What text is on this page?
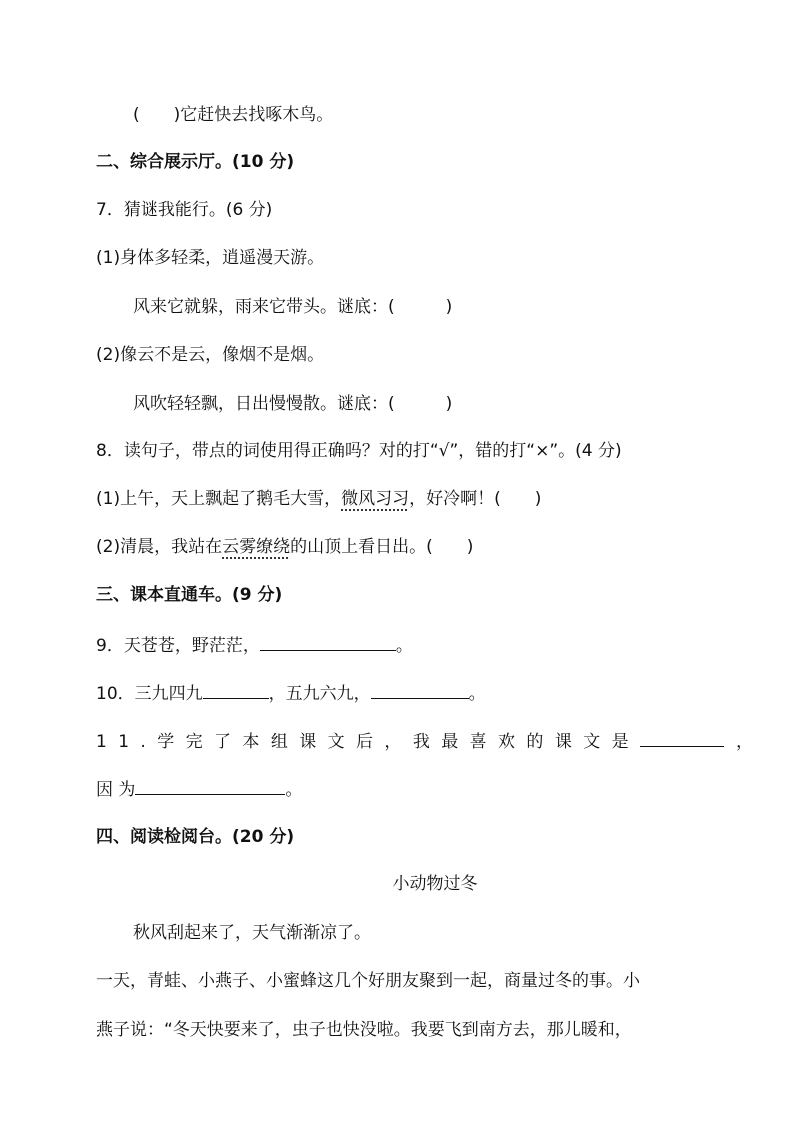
(　　)它赶快去找啄木鸟。
二、综合展示厅。(10 分)
7．猜谜我能行。(6 分)
(1)身体多轻柔，逍遥漫天游。
风来它就躲，雨来它带头。谜底：(　　　)
(2)像云不是云，像烟不是烟。
风吹轻轻飘，日出慢慢散。谜底：(　　　)
8．读句子，带点的词使用得正确吗？对的打“√”，错的打“×”。(4 分)
(1)上午，天上飘起了鹅毛大雪，微风习习，好冷啊！(　　)
(2)清晨，我站在云雾缭绕的山顶上看日出。(　　)
三、课本直通车。(9 分)
9．天苍苍，野茫茫，	。
10．三九四九	，五九六九，	。
11.学完了本组课文后，我最喜欢的课文是	，
因 为	。
四、阅读检阅台。(20 分)
小动物过冬
秋风刮起来了，天气渐渐凉了。
一天，青蛙、小燕子、小蜜蜂这几个好朋友聚到一起，商量过冬的事。小
燕子说：“冬天快要来了，虫子也快没啦。我要飞到南方去，那儿暖和，
